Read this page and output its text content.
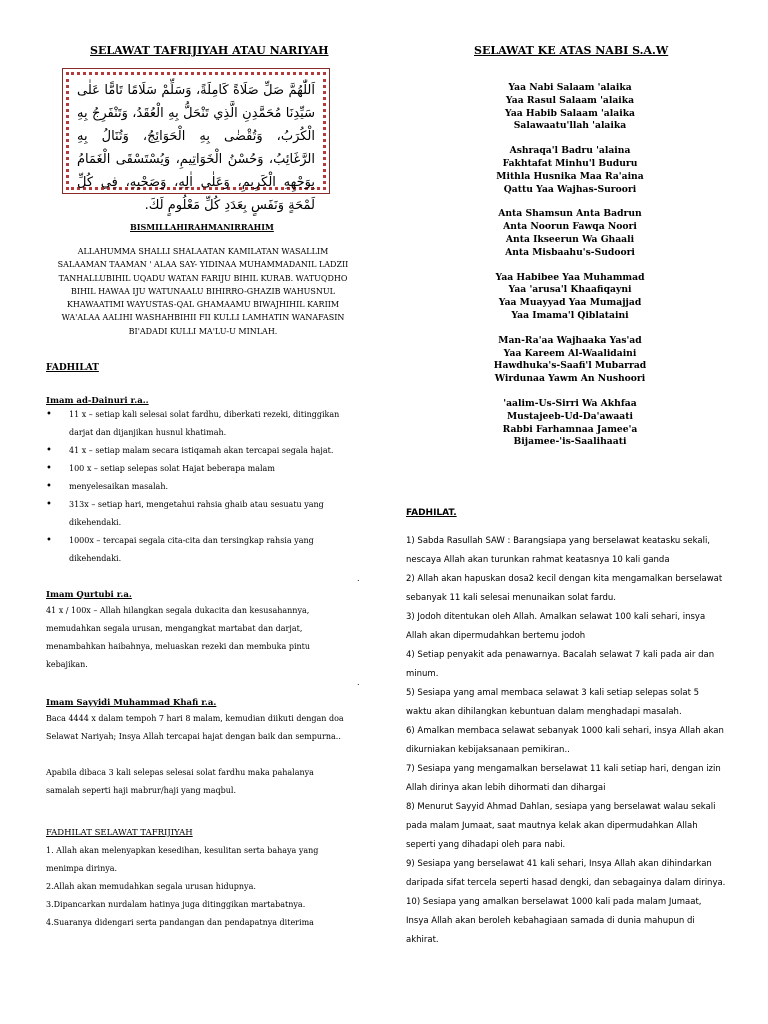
SELAWAT TAFRIJIYAH ATAU NARIYAH
اَللّٰهُمَّ صَلِّ صَلَاةً كَامِلَةً، وَسَلِّمْ سَلَامًا تَامًّا عَلٰى سَيِّدِنَا مُحَمَّدِنِ الَّذِي تَنْحَلُّ بِهِ الْعُقَدُ، وَتَنْفَرِجُ بِهِ الْكُرَبُ، وَتُقْضٰى بِهِ الْحَوَائِجُ، وَتُنَالُ بِهِ الرَّغَائِبُ، وَحُسْنُ الْخَوَاتِيمِ، وَيُسْتَسْقَى الْغَمَامُ بِوَجْهِهِ الْكَرِيمِ، وَعَلٰى اٰلِهِ، وَصَحْبِهِ، فِي كُلِّ لَمْحَةٍ وَنَفَسٍ بِعَدَدِ كُلِّ مَعْلُومٍ لَكَ.
BISMILLAHIRAHMANIRRAHIM
ALLAHUMMA SHALLI SHALAATAN KAMILATAN WASALLIM
SALAAMAN TAAMAN ' ALAA SAY- YIDINAA MUHAMMADANIL LADZII
TANHALLUBIHIL UQADU WATAN FARIJU BIHIL KURAB. WATUQDHO
BIHIL HAWAA IJU WATUNAALU BIHIRRO-GHAZIB WAHUSNUL
KHAWAATIMI WAYUSTAS-QAL GHAMAAMU BIWAJHIHIL KARIIM
WA'ALAA AALIHI WASHAHBIHII FII KULLI LAMHATIN WANAFASIN
BI'ADADI KULLI MA'LU-U MINLAH.
FADHILAT
Imam ad-Dainuri r.a..
• 11 x – setiap kali selesai solat fardhu, diberkati rezeki, ditinggikan darjat dan dijanjikan husnul khatimah.
• 41 x – setiap malam secara istiqamah akan tercapai segala hajat.
• 100 x – setiap selepas solat Hajat beberapa malam
• menyelesaikan masalah.
• 313x – setiap hari, mengetahui rahsia ghaib atau sesuatu yang dikehendaki.
• 1000x – tercapai segala cita-cita dan tersingkap rahsia yang dikehendaki.
.
Imam Qurtubi r.a.
41 x / 100x – Allah hilangkan segala dukacita dan kesusahannya, memudahkan segala urusan, mengangkat martabat dan darjat, menambahkan haibahnya, meluaskan rezeki dan membuka pintu kebajikan.
.
Imam Sayyidi Muhammad Khafi r.a.
Baca 4444 x dalam tempoh 7 hari 8 malam, kemudian diikuti dengan doa Selawat Nariyah; Insya Allah tercapai hajat dengan baik dan sempurna..
Apabila dibaca 3 kali selepas selesai solat fardhu maka pahalanya samalah seperti haji mabrur/haji yang maqbul.
FADHILAT SELAWAT TAFRIJIYAH
1. Allah akan melenyapkan kesedihan, kesulitan serta bahaya yang menimpa dirinya.
2.Allah akan memudahkan segala urusan hidupnya.
3.Dipancarkan nurdalam hatinya juga ditinggikan martabatnya.
4.Suaranya didengari serta pandangan dan pendapatnya diterima
SELAWAT KE ATAS NABI S.A.W
Yaa Nabi Salaam 'alaika
Yaa Rasul Salaam 'alaika
Yaa Habib Salaam 'alaika
Salawaatu'llah 'alaika
Ashraqa'l Badru 'alaina
Fakhtafat Minhu'l Buduru
Mithla Husnika Maa Ra'aina
Qattu Yaa Wajhas-Suroori
Anta Shamsun Anta Badrun
Anta Noorun Fawqa Noori
Anta Ikseerun Wa Ghaali
Anta Misbaahu's-Sudoori
Yaa Habibee Yaa Muhammad
Yaa 'arusa'l Khaafiqayni
Yaa Muayyad Yaa Mumajjad
Yaa Imama'l Qiblataini
Man-Ra'aa Wajhaaka Yas'ad
Yaa Kareem Al-Waalidaini
Hawdhuka's-Saafi'l Mubarrad
Wirdunaa Yawm An Nushoori
'aalim-Us-Sirri Wa Akhfaa
Mustajeeb-Ud-Da'awaati
Rabbi Farhamnaa Jamee'a
Bijamee-'is-Saalihaati
FADHILAT.

1) Sabda Rasullah SAW : Barangsiapa yang berselawat keatasku sekali, nescaya Allah akan turunkan rahmat keatasnya 10 kali ganda

2) Allah akan hapuskan dosa2 kecil dengan kita mengamalkan berselawat sebanyak 11 kali selesai menunaikan solat fardu.

3) Jodoh ditentukan oleh Allah. Amalkan selawat 100 kali sehari, insya Allah akan dipermudahkan bertemu jodoh

4) Setiap penyakit ada penawarnya. Bacalah selawat 7 kali pada air dan minum.

5) Sesiapa yang amal membaca selawat 3 kali setiap selepas solat 5 waktu akan dihilangkan kebuntuan dalam menghadapi masalah.

6) Amalkan membaca selawat sebanyak 1000 kali sehari, insya Allah akan dikurniakan kebijaksanaan pemikiran..

7) Sesiapa yang mengamalkan berselawat 11 kali setiap hari, dengan izin Allah dirinya akan lebih dihormati dan dihargai

8) Menurut Sayyid Ahmad Dahlan, sesiapa yang berselawat walau sekali pada malam Jumaat, saat mautnya kelak akan dipermudahkan Allah seperti yang dihadapi oleh para nabi.

9) Sesiapa yang berselawat 41 kali sehari, Insya Allah akan dihindarkan daripada sifat tercela seperti hasad dengki, dan sebagainya dalam dirinya.

10) Sesiapa yang amalkan berselawat 1000 kali pada malam Jumaat, Insya Allah akan beroleh kebahagiaan samada di dunia mahupun di akhirat.
